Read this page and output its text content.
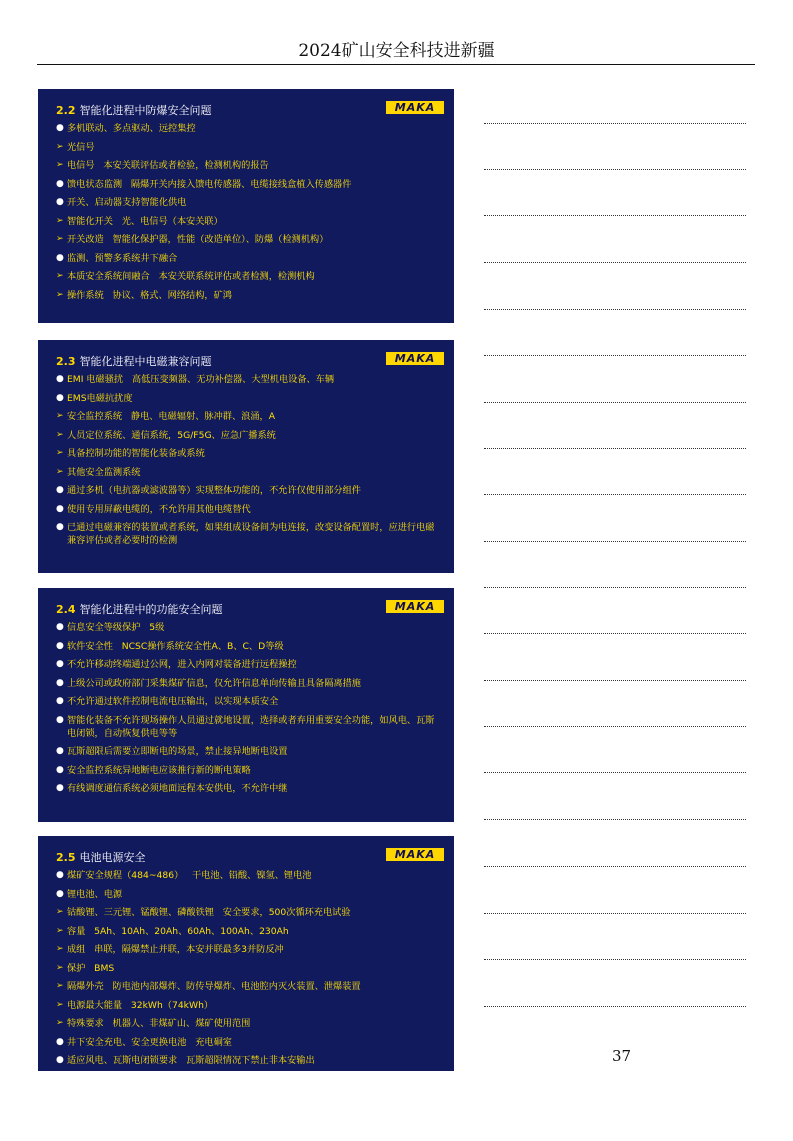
2024矿山安全科技进新疆
2.2 智能化进程中防爆安全问题	MAKA
● 多机联动、多点驱动、远控集控
➢ 光信号
➢ 电信号 本安关联评估或者检验，检测机构的报告
● 馈电状态监测 隔爆开关内接入馈电传感器、电缆接线盒植入传感器件
● 开关、启动器支持智能化供电
➢ 智能化开关 光、电信号（本安关联）
➢ 开关改造 智能化保护器，性能（改造单位）、防爆（检测机构）
● 监测、预警多系统井下融合
➢ 本质安全系统间融合 本安关联系统评估或者检测，检测机构
➢ 操作系统 协议、格式、网络结构，矿鸿
2.3 智能化进程中电磁兼容问题	MAKA
● EMI 电磁骚扰 高低压变频器、无功补偿器、大型机电设备、车辆
● EMS电磁抗扰度
➢ 安全监控系统 静电、电磁辐射、脉冲群、浪涌，A
➢ 人员定位系统、通信系统，5G/F5G、应急广播系统
➢ 具备控制功能的智能化装备或系统
➢ 其他安全监测系统
● 通过多机（电抗器或滤波器等）实现整体功能的，不允许仅使用部分组件
● 使用专用屏蔽电缆的，不允许用其他电缆替代
● 已通过电磁兼容的装置或者系统，如果组成设备间为电连接，改变设备配置时，应进行电磁兼容评估或者必要时的检测
2.4 智能化进程中的功能安全问题	MAKA
● 信息安全等级保护 5级
● 软件安全性 NCSC操作系统安全性A、B、C、D等级
● 不允许移动终端通过公网，进入内网对装备进行远程操控
● 上级公司或政府部门采集煤矿信息，仅允许信息单向传输且具备隔离措施
● 不允许通过软件控制电流电压输出，以实现本质安全
● 智能化装备不允许现场操作人员通过就地设置，选择或者弃用重要安全功能，如风电、瓦斯电闭锁，自动恢复供电等等
● 瓦斯超限后需要立即断电的场景，禁止接异地断电设置
● 安全监控系统异地断电应该推行新的断电策略
● 有线调度通信系统必须地面远程本安供电，不允许中继
2.5 电池电源安全	MAKA
● 煤矿安全规程（484~486） 干电池、铅酸、镍氢、锂电池
● 锂电池、电源
➢ 钴酸锂、三元锂、锰酸锂、磷酸铁锂 安全要求，500次循环充电试验
➢ 容量 5Ah、10Ah、20Ah、60Ah、100Ah、230Ah
➢ 成组 串联，隔爆禁止并联，本安并联最多3并防反冲
➢ 保护 BMS
➢ 隔爆外壳 防电池内部爆炸、防传导爆炸、电池腔内灭火装置、泄爆装置
➢ 电源最大能量 32kWh（74kWh）
➢ 特殊要求 机器人、非煤矿山、煤矿使用范围
● 井下安全充电、安全更换电池 充电硐室
● 适应风电、瓦斯电闭锁要求 瓦斯超限情况下禁止非本安输出	37
